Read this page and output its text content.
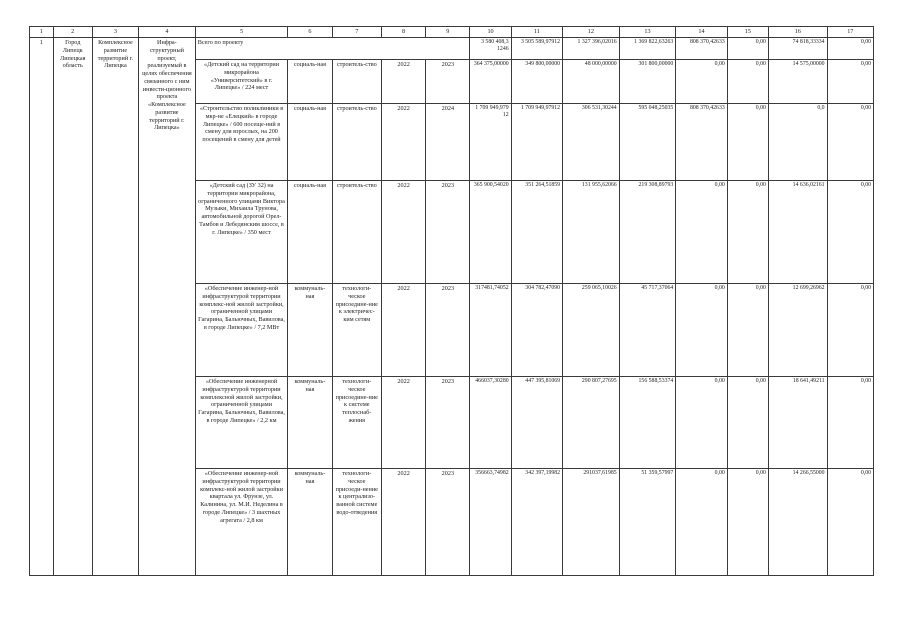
1	2	3	4	5	6	7	8	9	10	11	12	13	14	15	16	17
1	Город Липецк Липецкая область	Комплексное развитие территорий г. Липецка	Инфра-структурный проект, реализуемый в целях обеспечения связанного с ним инвести-ционного проекта «Комплексное развитие территорий г. Липецка»	Всего по проекту					3 580 408,3 1246	3 505 589,97912	1 327 396,02016	1 369 822,63263	808 370,42633	0,00	74 818,33334	0,00
				«Детский сад на территории микрорайона «Университетский» в г. Липецке» / 224 мест	социаль-ная	строитель-ство	2022	2023	364 375,00000	349 800,00000	48 000,00000	301 800,00000	0,00	0,00	14 575,00000	0,00
				«Строительство поликлиники в мкр-не «Елецкий» в городе Липецке» / 600 посеще-ний в смену для взрослых, на 200 посещений в смену для детей	социаль-ная	строитель-ство	2022	2024	1 709 949,979 12	1 709 949,97912	306 531,30244	595 048,25035	808 370,42633	0,00	0,0	0,00
				«Детский сад (ЗУ 32) на территории микрорайона, ограниченного улицами Виктора Музыки, Михаила Трунова, автомобильной дорогой Орел-Тамбов и Лебедянским шоссе, в г. Липецке» / 350 мест	социаль-ная	строитель-ство	2022	2023	365 900,54020	351 264,51859	131 955,62066	219 308,89793	0,00	0,00	14 636,02161	0,00
				«Обеспечение инженер-ной инфраструктурой территории комплекс-ной жилой застройки, ограниченной улицами Гагарина, Бальючных, Вавилова, в городе Липецке» / 7,2 МВт	коммуналь-ная	технологи-ческое присоедине-ние к электричес-ким сетям	2022	2023	317481,74052	304 782,47090	259 065,10026	45 717,37064	0,00	0,00	12 699,26962	0,00
				«Обеспечение инженерной инфраструктурой территории комплексной жилой застройки, ограниченной улицами Гагарина, Бальючных, Вавилова, в городе Липецке» / 2,2 км	коммуналь-ная	технологи-ческое присоедине-ние к системе теплоснаб-жения	2022	2023	466037,30280	447 395,81069	290 807,27695	156 588,53374	0,00	0,00	18 641,49211	0,00
				«Обеспечение инженер-ной инфраструктурой территории комплекс-ной жилой застройки квартала ул. Фрунзе, ул. Калинина, ул. М.И. Неделина в городе Липецке» / 3 шахтных агрегата / 2,8 км	коммуналь-ная	технологи-ческое присоеди-нение к централизо-ванной системе водо-отведения	2022	2023	356663,74982	342 397,19982	291037,61985	51 359,57997	0,00	0,00	14 266,55000	0,00
